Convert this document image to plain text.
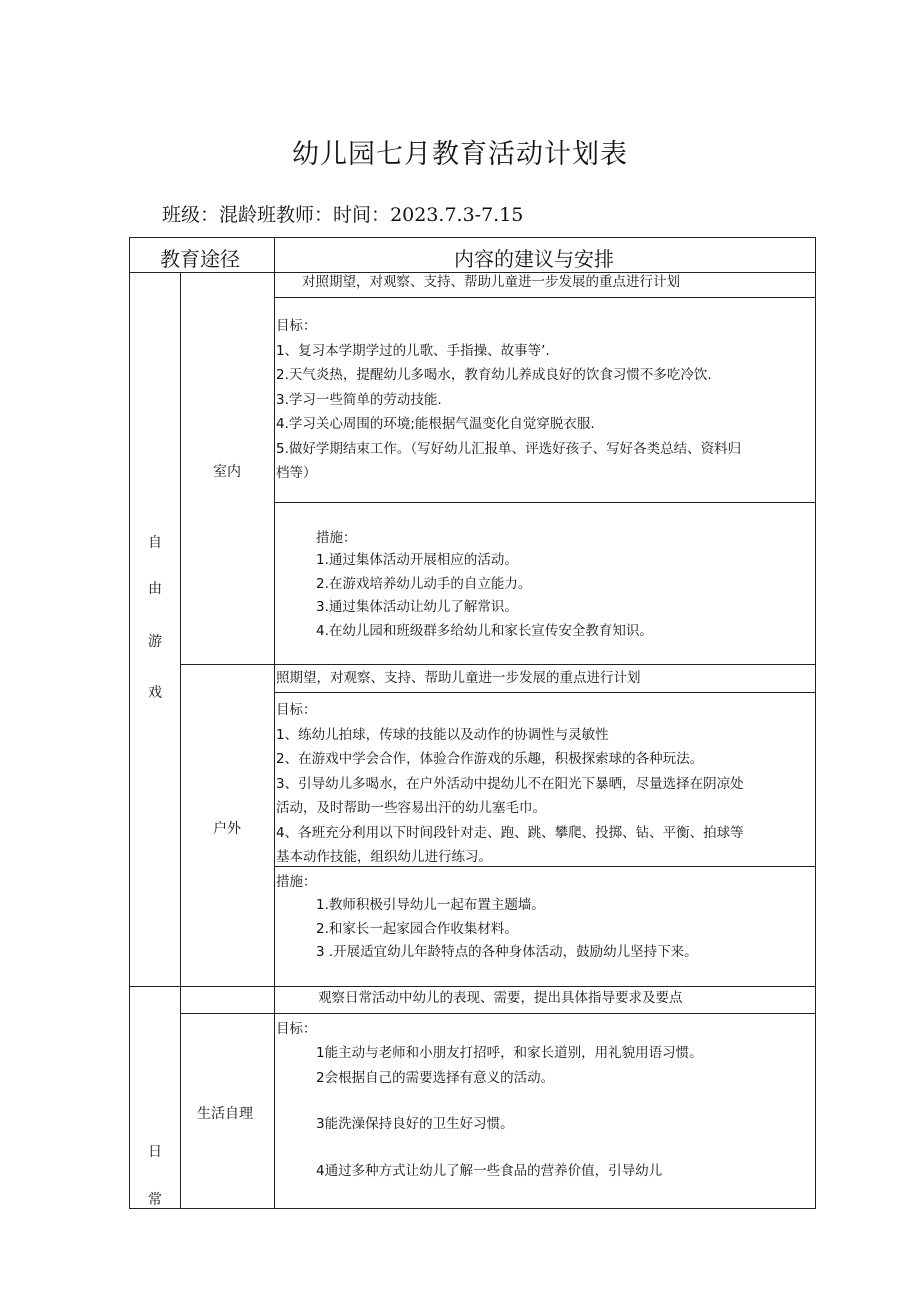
幼儿园七月教育活动计划表
班级：混龄班教师：时间：2023.7.3-7.15
教育途径	内容的建议与安排
自
由
游
戏
室内
对照期望，对观察、支持、帮助儿童进一步发展的重点进行计划
目标：
1、复习本学期学过的儿歌、手指操、故事等’.
2.天气炎热，提醒幼儿多喝水，教育幼儿养成良好的饮食习惯不多吃冷饮.
3.学习一些简单的劳动技能.
4.学习关心周围的环境;能根据气温变化自觉穿脱衣服.
5.做好学期结束工作。（写好幼儿汇报单、评选好孩子、写好各类总结、资料归
档等）
措施：
1.通过集体活动开展相应的活动。
2.在游戏培养幼儿动手的自立能力。
3.通过集体活动让幼儿了解常识。
4.在幼儿园和班级群多给幼儿和家长宣传安全教育知识。
户外
照期望，对观察、支持、帮助儿童进一步发展的重点进行计划
目标：
1、练幼儿拍球，传球的技能以及动作的协调性与灵敏性
2、在游戏中学会合作，体验合作游戏的乐趣，积极探索球的各种玩法。
3、引导幼儿多喝水，在户外活动中提幼儿不在阳光下暴晒，尽量选择在阴凉处
活动，及时帮助一些容易出汗的幼儿塞毛巾。
4、各班充分利用以下时间段针对走、跑、跳、攀爬、投掷、钻、平衡、拍球等
基本动作技能，组织幼儿进行练习。
措施：
1.教师积极引导幼儿一起布置主题墙。
2.和家长一起家园合作收集材料。
3 .开展适宜幼儿年龄特点的各种身体活动，鼓励幼儿坚持下来。
日
常
观察日常活动中幼儿的表现、需要，提出具体指导要求及要点
生活自理
目标：
1能主动与老师和小朋友打招呼，和家长道别，用礼貌用语习惯。
2会根据自己的需要选择有意义的活动。
3能洗澡保持良好的卫生好习惯。
4通过多种方式让幼儿了解一些食品的营养价值，引导幼儿
